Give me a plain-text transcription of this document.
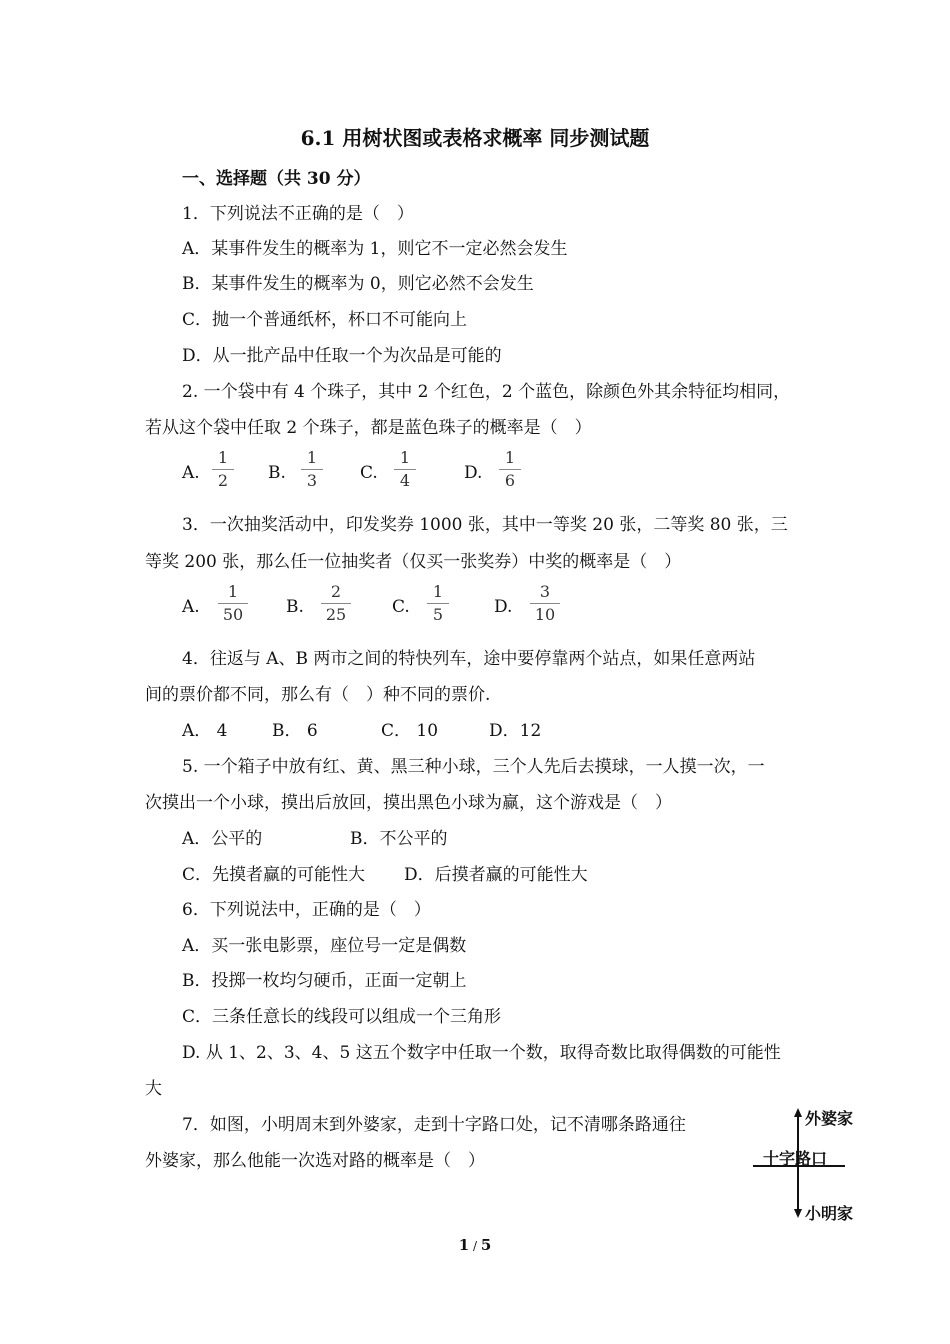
6.1 用树状图或表格求概率 同步测试题
一、选择题（共 30 分）
1．下列说法不正确的是（　）
A．某事件发生的概率为 1，则它不一定必然会发生
B．某事件发生的概率为 0，则它必然不会发生
C．抛一个普通纸杯，杯口不可能向上
D．从一批产品中任取一个为次品是可能的
2. 一个袋中有 4 个珠子，其中 2 个红色，2 个蓝色，除颜色外其余特征均相同，
若从这个袋中任取 2 个珠子，都是蓝色珠子的概率是（　）
A.
1
2	B.
1
3	C.
1
4	D.
1
6
3．一次抽奖活动中，印发奖券 1000 张，其中一等奖 20 张，二等奖 80 张，三
等奖 200 张，那么任一位抽奖者（仅买一张奖券）中奖的概率是（　）
A.
1
50	B.
2
25	C.
1
5	D.
3
10
4．往返与 A、B 两市之间的特快列车，途中要停靠两个站点，如果任意两站
间的票价都不同，那么有（　）种不同的票价.
A． 4	B． 6	C． 10	D．12
5. 一个箱子中放有红、黄、黑三种小球，三个人先后去摸球，一人摸一次，一
次摸出一个小球，摸出后放回，摸出黑色小球为赢，这个游戏是（　）
A．公平的	B．不公平的
C．先摸者赢的可能性大 D．后摸者赢的可能性大
6．下列说法中，正确的是（　）
A．买一张电影票，座位号一定是偶数
B．投掷一枚均匀硬币，正面一定朝上
C．三条任意长的线段可以组成一个三角形
D. 从 1、2、3、4、5 这五个数字中任取一个数，取得奇数比取得偶数的可能性
大
7．如图，小明周末到外婆家，走到十字路口处，记不清哪条路通往
外婆家，那么他能一次选对路的概率是（　）
外婆家
十字路口
小明家
1 / 5
